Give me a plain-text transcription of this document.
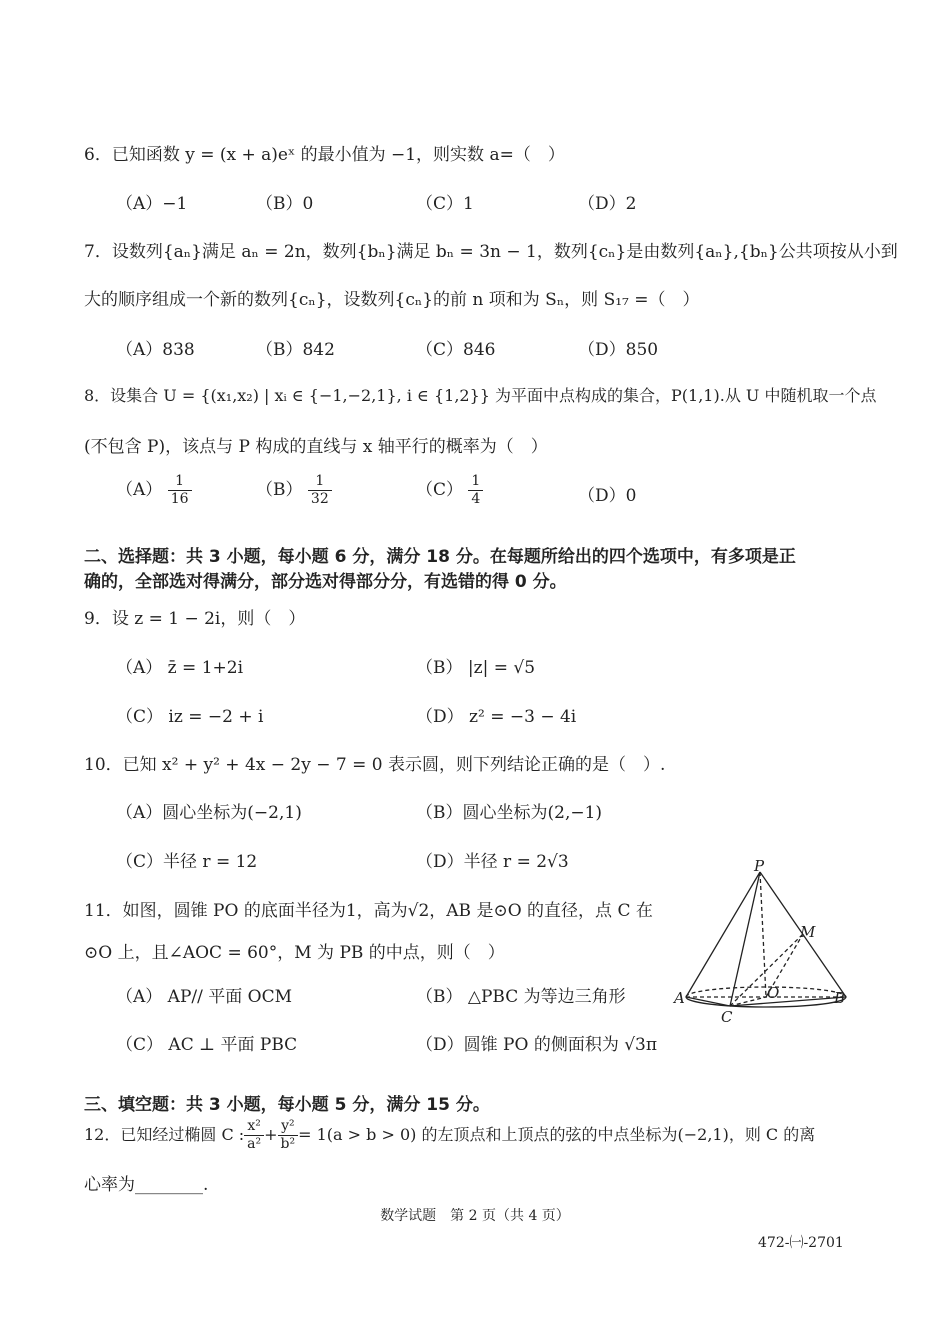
6．已知函数 y = (x + a)eˣ 的最小值为 −1，则实数 a=（　）
（A）−1	（B）0	（C）1	（D）2
7．设数列{aₙ}满足 aₙ = 2n，数列{bₙ}满足 bₙ = 3n − 1，数列{cₙ}是由数列{aₙ},{bₙ}公共项按从小到
大的顺序组成一个新的数列{cₙ}，设数列{cₙ}的前 n 项和为 Sₙ，则 S₁₇ =（　）
（A）838	（B）842	（C）846	（D）850
8．设集合 U = {(x₁,x₂) | xᵢ ∈ {−1,−2,1}, i ∈ {1,2}} 为平面中点构成的集合，P(1,1).从 U 中随机取一个点
(不包含 P)，该点与 P 构成的直线与 x 轴平行的概率为（　）
$(A) \frac{1}{16}$	$(B) \frac{1}{32}$	$(C) \frac{1}{4}$	（D）0
二、选择题：共 3 小题，每小题 6 分，满分 18 分。在每题所给出的四个选项中，有多项是正
确的，全部选对得满分，部分选对得部分分，有选错的得 0 分。
9．设 z = 1 − 2i，则（　）
（A） z̄ = 1+2i	（B） |z| = √5
（C） iz = −2 + i	（D） z² = −3 − 4i
10．已知 x² + y² + 4x − 2y − 7 = 0 表示圆，则下列结论正确的是（　）.
（A）圆心坐标为(−2,1)	（B）圆心坐标为(2,−1)
（C）半径 r = 12	（D）半径 r = 2√3
11．如图，圆锥 PO 的底面半径为1，高为√2，AB 是⊙O 的直径，点 C 在
⊙O 上，且∠AOC = 60°，M 为 PB 的中点，则（　）
（A） AP// 平面 OCM	（B） △PBC 为等边三角形
（C） AC ⊥ 平面 PBC	（D）圆锥 PO 的侧面积为 √3π
P
M
A	B
C
O
三、填空题：共 3 小题，每小题 5 分，满分 15 分。
12．已知经过椭圆 C : $\frac{\text{x²}}{\text{a²}} + \frac{\text{y²}}{\text{b²}} = 1(a > b > 0)$ 的左顶点和上顶点的弦的中点坐标为(−2,1)，则 C 的离
心率为________.
数学试题　第 2 页（共 4 页）
472-㈠-2701
